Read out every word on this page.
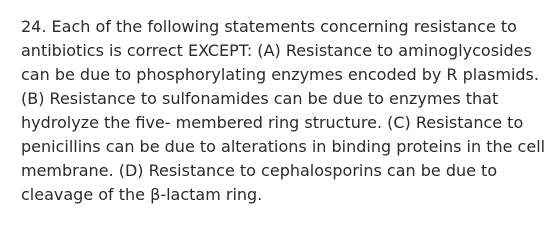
24. Each of the following statements concerning resistance to
antibiotics is correct EXCEPT: (A) Resistance to aminoglycosides
can be due to phosphorylating enzymes encoded by R plasmids.
(B) Resistance to sulfonamides can be due to enzymes that
hydrolyze the five- membered ring structure. (C) Resistance to
penicillins can be due to alterations in binding proteins in the cell
membrane. (D) Resistance to cephalosporins can be due to
cleavage of the β-lactam ring.
